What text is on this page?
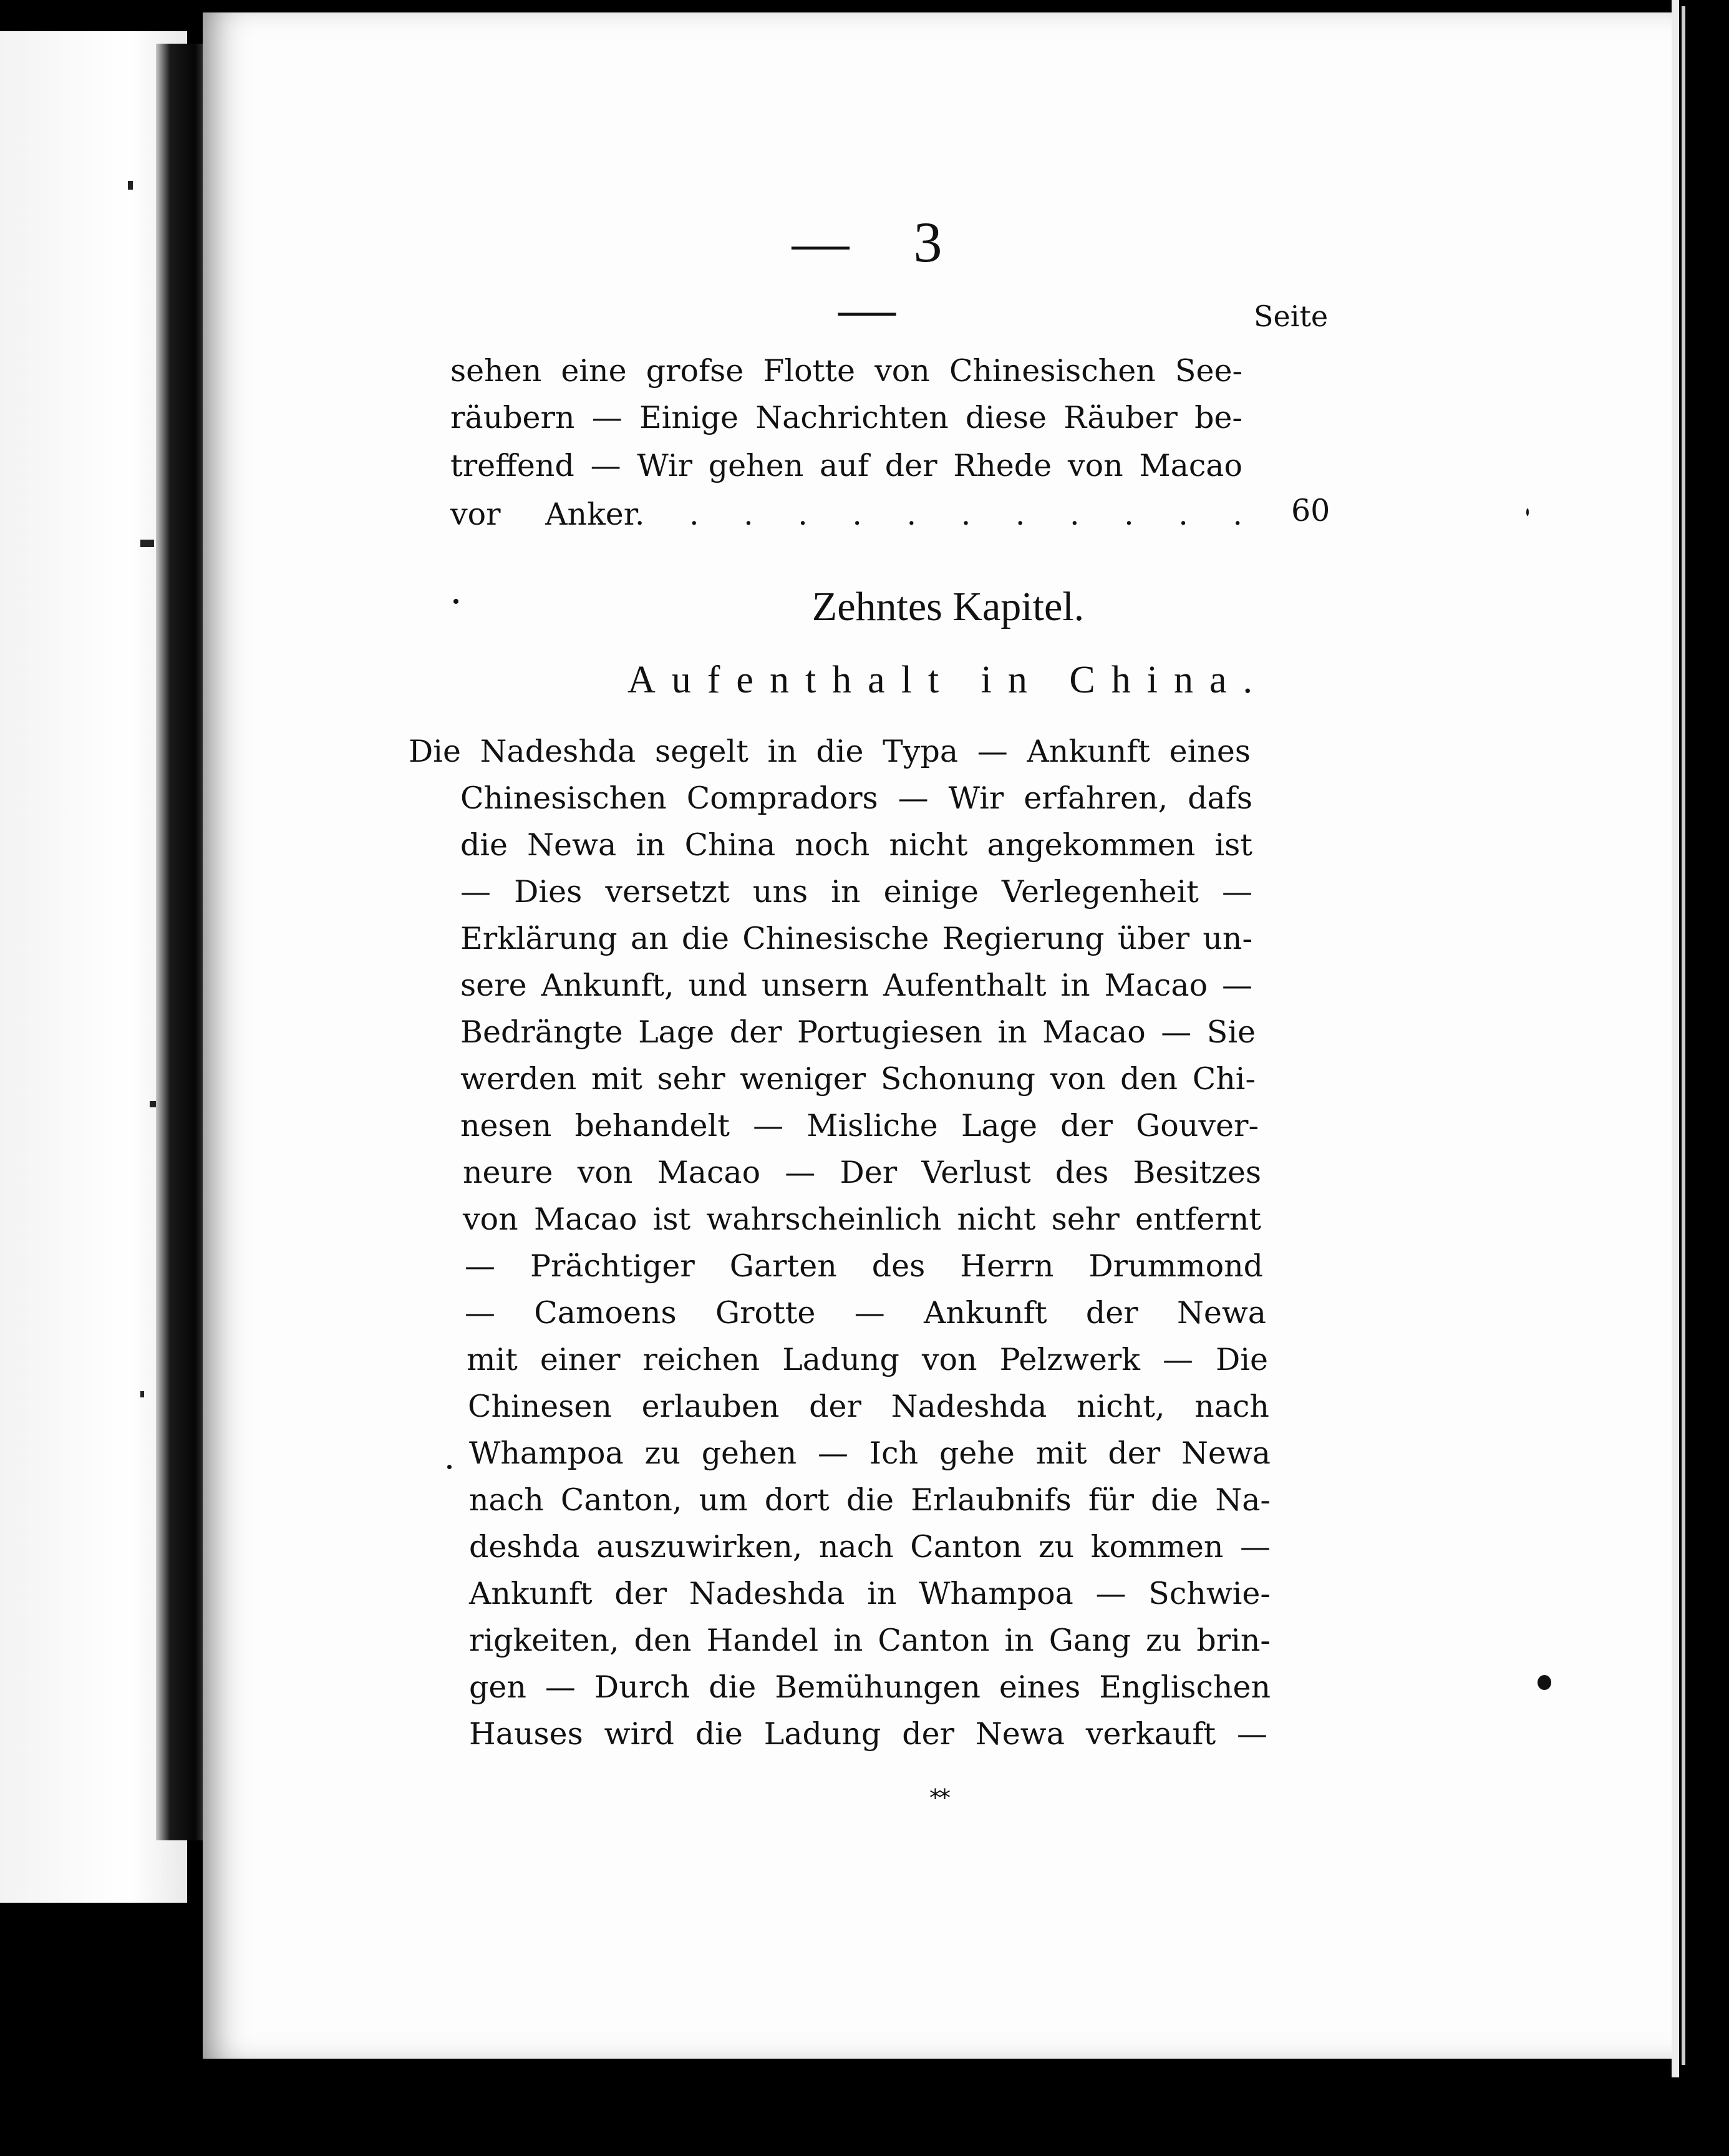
— 3 —	Seite
sehen eine grofse Flotte von Chinesischen See-
räubern — Einige Nachrichten diese Räuber be-
treffend — Wir gehen auf der Rhede von Macao
vor Anker. . . . . . . . . . . . 60
Zehntes Kapitel.
Aufenthalt in China.
Die Nadeshda segelt in die Typa — Ankunft eines
Chinesischen Compradors — Wir erfahren, dafs
die Newa in China noch nicht angekommen ist
— Dies versetzt uns in einige Verlegenheit —
Erklärung an die Chinesische Regierung über un-
sere Ankunft, und unsern Aufenthalt in Macao —
Bedrängte Lage der Portugiesen in Macao — Sie
werden mit sehr weniger Schonung von den Chi-
nesen behandelt — Misliche Lage der Gouver-
neure von Macao — Der Verlust des Besitzes
von Macao ist wahrscheinlich nicht sehr entfernt
— Prächtiger Garten des Herrn Drummond
— Camoens Grotte — Ankunft der Newa
mit einer reichen Ladung von Pelzwerk — Die
Chinesen erlauben der Nadeshda nicht, nach
Whampoa zu gehen — Ich gehe mit der Newa
nach Canton, um dort die Erlaubnifs für die Na-
deshda auszuwirken, nach Canton zu kommen —
Ankunft der Nadeshda in Whampoa — Schwie-
rigkeiten, den Handel in Canton in Gang zu brin-
gen — Durch die Bemühungen eines Englischen
Hauses wird die Ladung der Newa verkauft —
**
